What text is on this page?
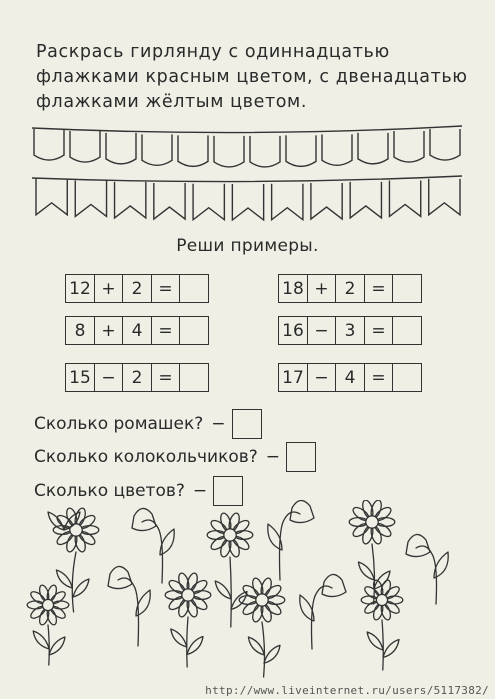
Раскрась гирлянду с одиннадцатью
флажками красным цветом, с двенадцатью
флажками жёлтым цветом.
Реши примеры.
12 + 2 =
8 + 4 =
15 − 2 =
18 + 2 =
16 − 3 =
17 − 4 =
Сколько ромашек? −
Сколько колокольчиков? −
Сколько цветов? −
http://www.liveinternet.ru/users/5117382/
